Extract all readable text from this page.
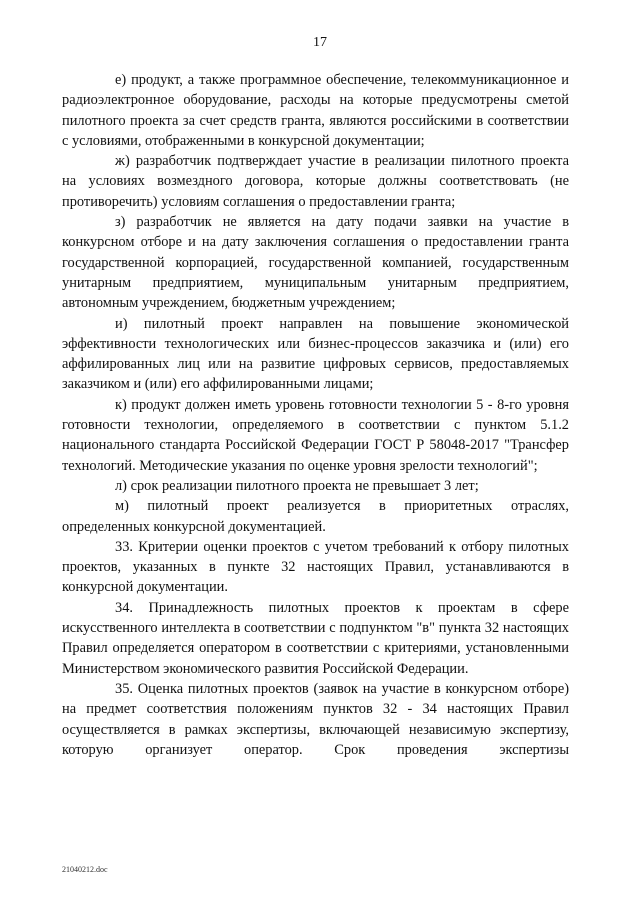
17

е) продукт, а также программное обеспечение, телекоммуникационное и радиоэлектронное оборудование, расходы на которые предусмотрены сметой пилотного проекта за счет средств гранта, являются российскими в соответствии с условиями, отображенными в конкурсной документации;

ж) разработчик подтверждает участие в реализации пилотного проекта на условиях возмездного договора, которые должны соответствовать (не противоречить) условиям соглашения о предоставлении гранта;

з) разработчик не является на дату подачи заявки на участие в конкурсном отборе и на дату заключения соглашения о предоставлении гранта государственной корпорацией, государственной компанией, государственным унитарным предприятием, муниципальным унитарным предприятием, автономным учреждением, бюджетным учреждением;

и) пилотный проект направлен на повышение экономической эффективности технологических или бизнес-процессов заказчика и (или) его аффилированных лиц или на развитие цифровых сервисов, предоставляемых заказчиком и (или) его аффилированными лицами;

к) продукт должен иметь уровень готовности технологии 5 - 8-го уровня готовности технологии, определяемого в соответствии с пунктом 5.1.2 национального стандарта Российской Федерации ГОСТ Р 58048-2017 "Трансфер технологий. Методические указания по оценке уровня зрелости технологий";

л) срок реализации пилотного проекта не превышает 3 лет;

м) пилотный проект реализуется в приоритетных отраслях, определенных конкурсной документацией.

33. Критерии оценки проектов с учетом требований к отбору пилотных проектов, указанных в пункте 32 настоящих Правил, устанавливаются в конкурсной документации.

34. Принадлежность пилотных проектов к проектам в сфере искусственного интеллекта в соответствии с подпунктом "в" пункта 32 настоящих Правил определяется оператором в соответствии с критериями, установленными Министерством экономического развития Российской Федерации.

35. Оценка пилотных проектов (заявок на участие в конкурсном отборе) на предмет соответствия положениям пунктов 32 - 34 настоящих Правил осуществляется в рамках экспертизы, включающей независимую экспертизу, которую организует оператор. Срок проведения экспертизы

21040212.doc
